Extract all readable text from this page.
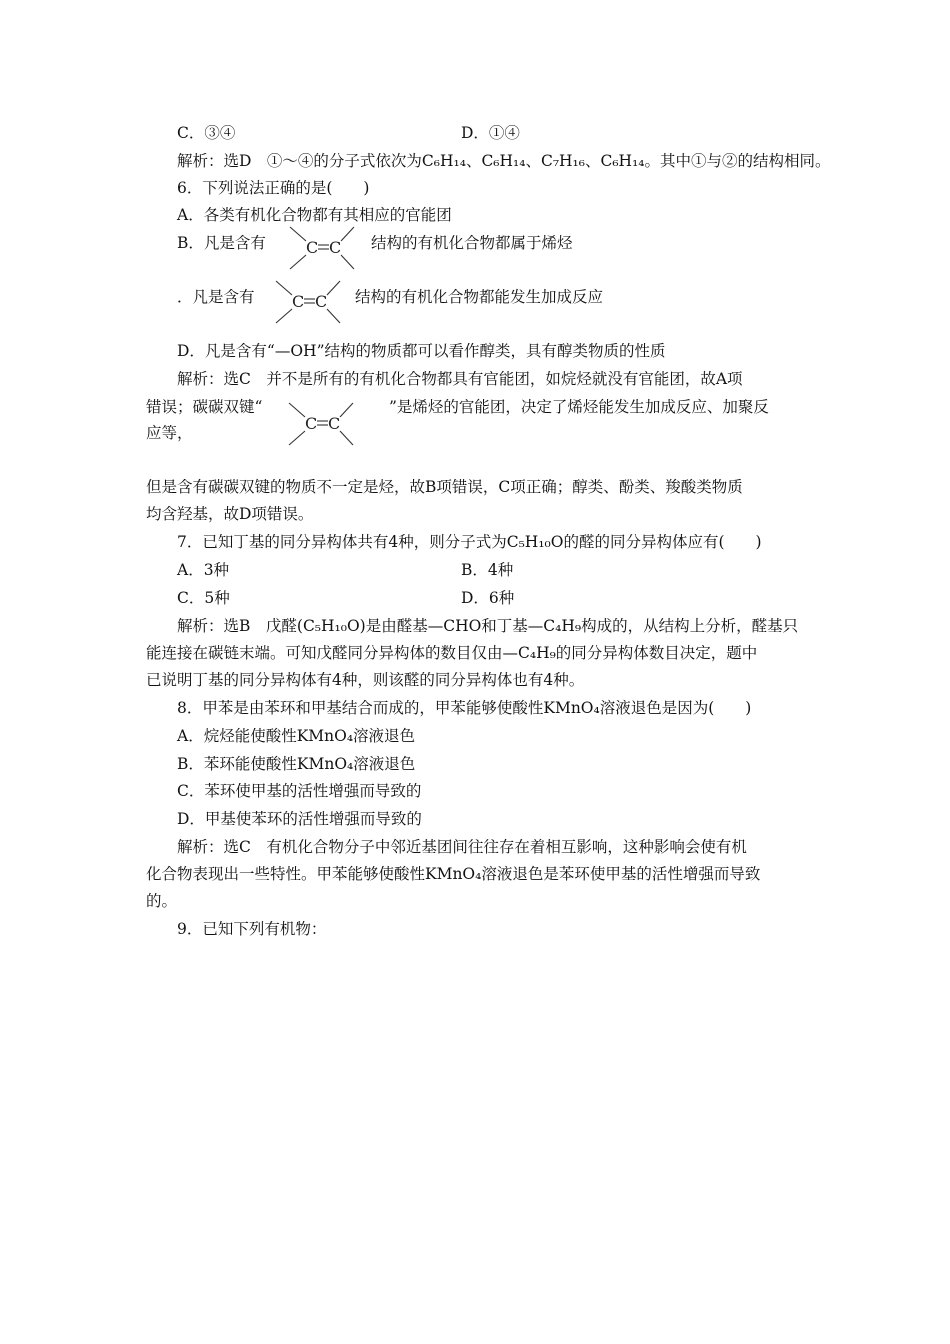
C．③④	D．①④
解析：选D　①～④的分子式依次为C₆H₁₄、C₆H₁₄、C₇H₁₆、C₆H₁₄。其中①与②的结构相同。
6．下列说法正确的是(　　)
A．各类有机化合物都有其相应的官能团
B．凡是含有	C C 结构的有机化合物都属于烯烃
．凡是含有 C C 结构的有机化合物都能发生加成反应
D．凡是含有“—OH”结构的物质都可以看作醇类，具有醇类物质的性质
解析：选C　并不是所有的有机化合物都具有官能团，如烷烃就没有官能团，故A项
错误；碳碳双键“
C C
”是烯烃的官能团，决定了烯烃能发生加成反应、加聚反
应等，
但是含有碳碳双键的物质不一定是烃，故B项错误，C项正确；醇类、酚类、羧酸类物质
均含羟基，故D项错误。
7．已知丁基的同分异构体共有4种，则分子式为C₅H₁₀O的醛的同分异构体应有(　　)
A．3种	B．4种
C．5种	D．6种
解析：选B　戊醛(C₅H₁₀O)是由醛基—CHO和丁基—C₄H₉构成的，从结构上分析，醛基只
能连接在碳链末端。可知戊醛同分异构体的数目仅由—C₄H₉的同分异构体数目决定，题中
已说明丁基的同分异构体有4种，则该醛的同分异构体也有4种。
8．甲苯是由苯环和甲基结合而成的，甲苯能够使酸性KMnO₄溶液退色是因为(　　)
A．烷烃能使酸性KMnO₄溶液退色
B．苯环能使酸性KMnO₄溶液退色
C．苯环使甲基的活性增强而导致的
D．甲基使苯环的活性增强而导致的
解析：选C　有机化合物分子中邻近基团间往往存在着相互影响，这种影响会使有机
化合物表现出一些特性。甲苯能够使酸性KMnO₄溶液退色是苯环使甲基的活性增强而导致
的。
9．已知下列有机物：
